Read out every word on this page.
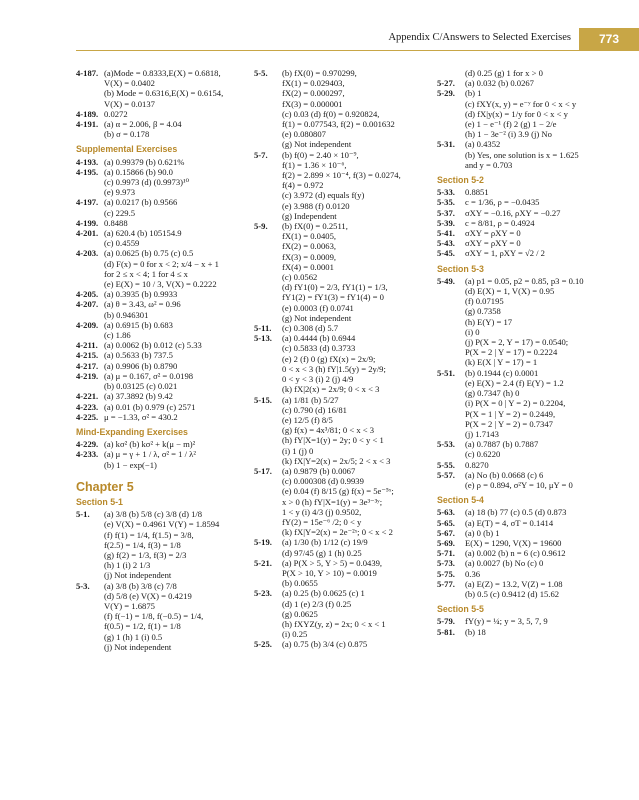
Appendix C/Answers to Selected Exercises	773
4-187. (a)Mode = 0.8333,E(X) = 0.6818,
V(X) = 0.0402
(b) Mode = 0.6316,E(X) = 0.6154,
V(X) = 0.0137
4-189. 0.0272
4-191. (a) α = 2.006, β = 4.04
(b) σ = 0.178
Supplemental Exercises
4-193. (a) 0.99379 (b) 0.621%
4-195. (a) 0.15866 (b) 90.0
(c) 0.9973 (d) (0.9973)¹⁰
(e) 9.973
4-197. (a) 0.0217 (b) 0.9566
(c) 229.5
4-199. 0.8488
4-201. (a) 620.4 (b) 105154.9
(c) 0.4559
4-203. (a) 0.0625 (b) 0.75 (c) 0.5
(d) F(x) = 0 for x < 2; x/4 − x + 1
for 2 ≤ x < 4; 1 for 4 ≤ x
(e) E(X) = 10 / 3, V(X) = 0.2222
4-205. (a) 0.3935 (b) 0.9933
4-207. (a) θ = 3.43, ω² = 0.96
(b) 0.946301
4-209. (a) 0.6915 (b) 0.683
(c) 1.86
4-211. (a) 0.0062 (b) 0.012 (c) 5.33
4-215. (a) 0.5633 (b) 737.5
4-217. (a) 0.9906 (b) 0.8790
4-219. (a) μ = 0.167, σ² = 0.0198
(b) 0.03125 (c) 0.021
4-221. (a) 37.3892 (b) 9.42
4-223. (a) 0.01 (b) 0.979 (c) 2571
4-225. μ = −1.33, σ² = 430.2
Mind-Expanding Exercises
4-229. (a) kσ² (b) kσ² + k(μ − m)²
4-233. (a) μ = γ + 1 / λ, σ² = 1 / λ²
(b) 1 − exp(−1)
Chapter 5
Section 5-1
5-1.	(a) 3/8 (b) 5/8 (c) 3/8 (d) 1/8
(e) V(X) = 0.4961 V(Y) = 1.8594
(f) f(1) = 1/4, f(1.5) = 3/8,
f(2.5) = 1/4, f(3) = 1/8
(g) f(2) = 1/3, f(3) = 2/3
(h) 1 (i) 2 1/3
(j) Not independent
5-3.	(a) 3/8 (b) 3/8 (c) 7/8
(d) 5/8 (e) V(X) = 0.4219
V(Y) = 1.6875
(f) f(−1) = 1/8, f(−0.5) = 1/4,
f(0.5) = 1/2, f(1) = 1/8
(g) 1 (h) 1 (i) 0.5
(j) Not independent
5-5.	(b) fX(0) = 0.970299,
fX(1) = 0.029403,
fX(2) = 0.000297,
fX(3) = 0.000001
(c) 0.03 (d) f(0) = 0.920824,
f(1) = 0.077543, f(2) = 0.001632
(e) 0.080807
(g) Not independent
5-7.	(b) f(0) = 2.40 × 10⁻⁹,
f(1) = 1.36 × 10⁻⁶,
f(2) = 2.899 × 10⁻⁴, f(3) = 0.0274,
f(4) = 0.972
(c) 3.972 (d) equals f(y)
(e) 3.988 (f) 0.0120
(g) Independent
5-9.	(b) fX(0) = 0.2511,
fX(1) = 0.0405,
fX(2) = 0.0063,
fX(3) = 0.0009,
fX(4) = 0.0001
(c) 0.0562
(d) fY1(0) = 2/3, fY1(1) = 1/3,
fY1(2) = fY1(3) = fY1(4) = 0
(e) 0.0003 (f) 0.0741
(g) Not independent
5-11.	(c) 0.308 (d) 5.7
5-13.	(a) 0.4444 (b) 0.6944
(c) 0.5833 (d) 0.3733
(e) 2 (f) 0 (g) fX(x) = 2x/9;
0 < x < 3 (h) fY|1.5(y) = 2y/9;
0 < y < 3 (i) 2 (j) 4/9
(k) fX|2(x) = 2x/9; 0 < x < 3
5-15.	(a) 1/81 (b) 5/27
(c) 0.790 (d) 16/81
(e) 12/5 (f) 8/5
(g) f(x) = 4x³/81; 0 < x < 3
(h) fY|X=1(y) = 2y; 0 < y < 1
(i) 1 (j) 0
(k) fX|Y=2(x) = 2x/5; 2 < x < 3
5-17.	(a) 0.9879 (b) 0.0067
(c) 0.000308 (d) 0.9939
(e) 0.04 (f) 8/15 (g) f(x) = 5e⁻⁵ˣ;
x > 0 (h) fY|X=1(y) = 3e³⁻³ʸ;
1 < y (i) 4/3 (j) 0.9502,
fY(2) = 15e⁻⁶ /2; 0 < y
(k) fX|Y=2(x) = 2e⁻²ˣ; 0 < x < 2
5-19.	(a) 1/30 (b) 1/12 (c) 19/9
(d) 97/45 (g) 1 (h) 0.25
5-21.	(a) P(X > 5, Y > 5) = 0.0439,
P(X > 10, Y > 10) = 0.0019
(b) 0.0655
5-23.	(a) 0.25 (b) 0.0625 (c) 1
(d) 1 (e) 2/3 (f) 0.25
(g) 0.0625
(h) fXYZ(y, z) = 2x; 0 < x < 1
(i) 0.25
5-25.	(a) 0.75 (b) 3/4 (c) 0.875
(d) 0.25 (g) 1 for x > 0
5-27.	(a) 0.032 (b) 0.0267
5-29.	(b) 1
(c) fXY(x, y) = e⁻ʸ for 0 < x < y
(d) fX|y(x) = 1/y for 0 < x < y
(e) 1 − e⁻¹ (f) 2 (g) 1 − 2/e
(h) 1 − 3e⁻² (i) 3.9 (j) No
5-31.	(a) 0.4352
(b) Yes, one solution is x = 1.625
and y = 0.703
Section 5-2
5-33.	0.8851
5-35.	c = 1/36, ρ = −0.0435
5-37.	σXY = −0.16, ρXY = −0.27
5-39.	c = 8/81, ρ = 0.4924
5-41.	σXY = ρXY = 0
5-43.	σXY = ρXY = 0
5-45.	σXY = 1, ρXY = √2 / 2
Section 5-3
5-49.	(a) p1 = 0.05, p2 = 0.85, p3 = 0.10
(d) E(X) = 1, V(X) = 0.95
(f) 0.07195
(g) 0.7358
(h) E(Y) = 17
(i) 0
(j) P(X = 2, Y = 17) = 0.0540;
P(X = 2 | Y = 17) = 0.2224
(k) E(X | Y = 17) = 1
5-51.	(b) 0.1944 (c) 0.0001
(e) E(X) = 2.4 (f) E(Y) = 1.2
(g) 0.7347 (h) 0
(i) P(X = 0 | Y = 2) = 0.2204,
P(X = 1 | Y = 2) = 0.2449,
P(X = 2 | Y = 2) = 0.7347
(j) 1.7143
5-53.	(a) 0.7887 (b) 0.7887
(c) 0.6220
5-55.	0.8270
5-57.	(a) No (b) 0.0668 (c) 6
(e) ρ = 0.894, σ²Y = 10, μY = 0
Section 5-4
5-63.	(a) 18 (b) 77 (c) 0.5 (d) 0.873
5-65.	(a) E(T) = 4, σT = 0.1414
5-67.	(a) 0 (b) 1
5-69.	E(X) = 1290, V(X) = 19600
5-71.	(a) 0.002 (b) n = 6 (c) 0.9612
5-73.	(a) 0.0027 (b) No (c) 0
5-75.	0.36
5-77.	(a) E(Z) = 13.2, V(Z) = 1.08
(b) 0.5 (c) 0.9412 (d) 15.62
Section 5-5
5-79.	fY(y) = ¼; y = 3, 5, 7, 9
5-81.	(b) 18
